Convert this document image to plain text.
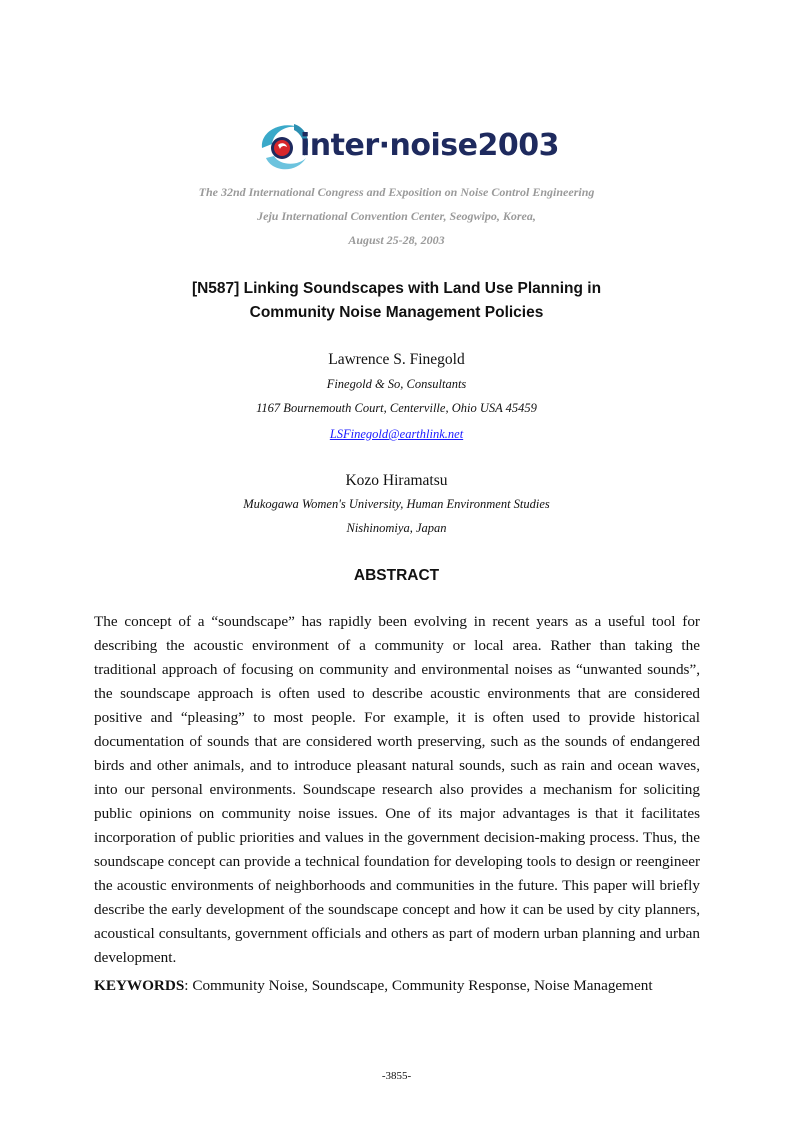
inter·noise2003
The 32nd International Congress and Exposition on Noise Control Engineering
Jeju International Convention Center, Seogwipo, Korea,
August 25-28, 2003
[N587] Linking Soundscapes with Land Use Planning in
Community Noise Management Policies
Lawrence S. Finegold
Finegold & So, Consultants
1167 Bournemouth Court, Centerville, Ohio USA 45459
LSFinegold@earthlink.net
Kozo Hiramatsu
Mukogawa Women's University, Human Environment Studies
Nishinomiya, Japan
ABSTRACT

The concept of a “soundscape” has rapidly been evolving in recent years as a useful tool for describing the acoustic environment of a community or local area. Rather than taking the traditional approach of focusing on community and environmental noises as “unwanted sounds”, the soundscape approach is often used to describe acoustic environments that are considered positive and “pleasing” to most people. For example, it is often used to provide historical documentation of sounds that are considered worth preserving, such as the sounds of endangered birds and other animals, and to introduce pleasant natural sounds, such as rain and ocean waves, into our personal environments. Soundscape research also provides a mechanism for soliciting public opinions on community noise issues. One of its major advantages is that it facilitates incorporation of public priorities and values in the government decision-making process. Thus, the soundscape concept can provide a technical foundation for developing tools to design or reengineer the acoustic environments of neighborhoods and communities in the future. This paper will briefly describe the early development of the soundscape concept and how it can be used by city planners, acoustical consultants, government officials and others as part of modern urban planning and urban development.

KEYWORDS: Community Noise, Soundscape, Community Response, Noise Management
-3855-
